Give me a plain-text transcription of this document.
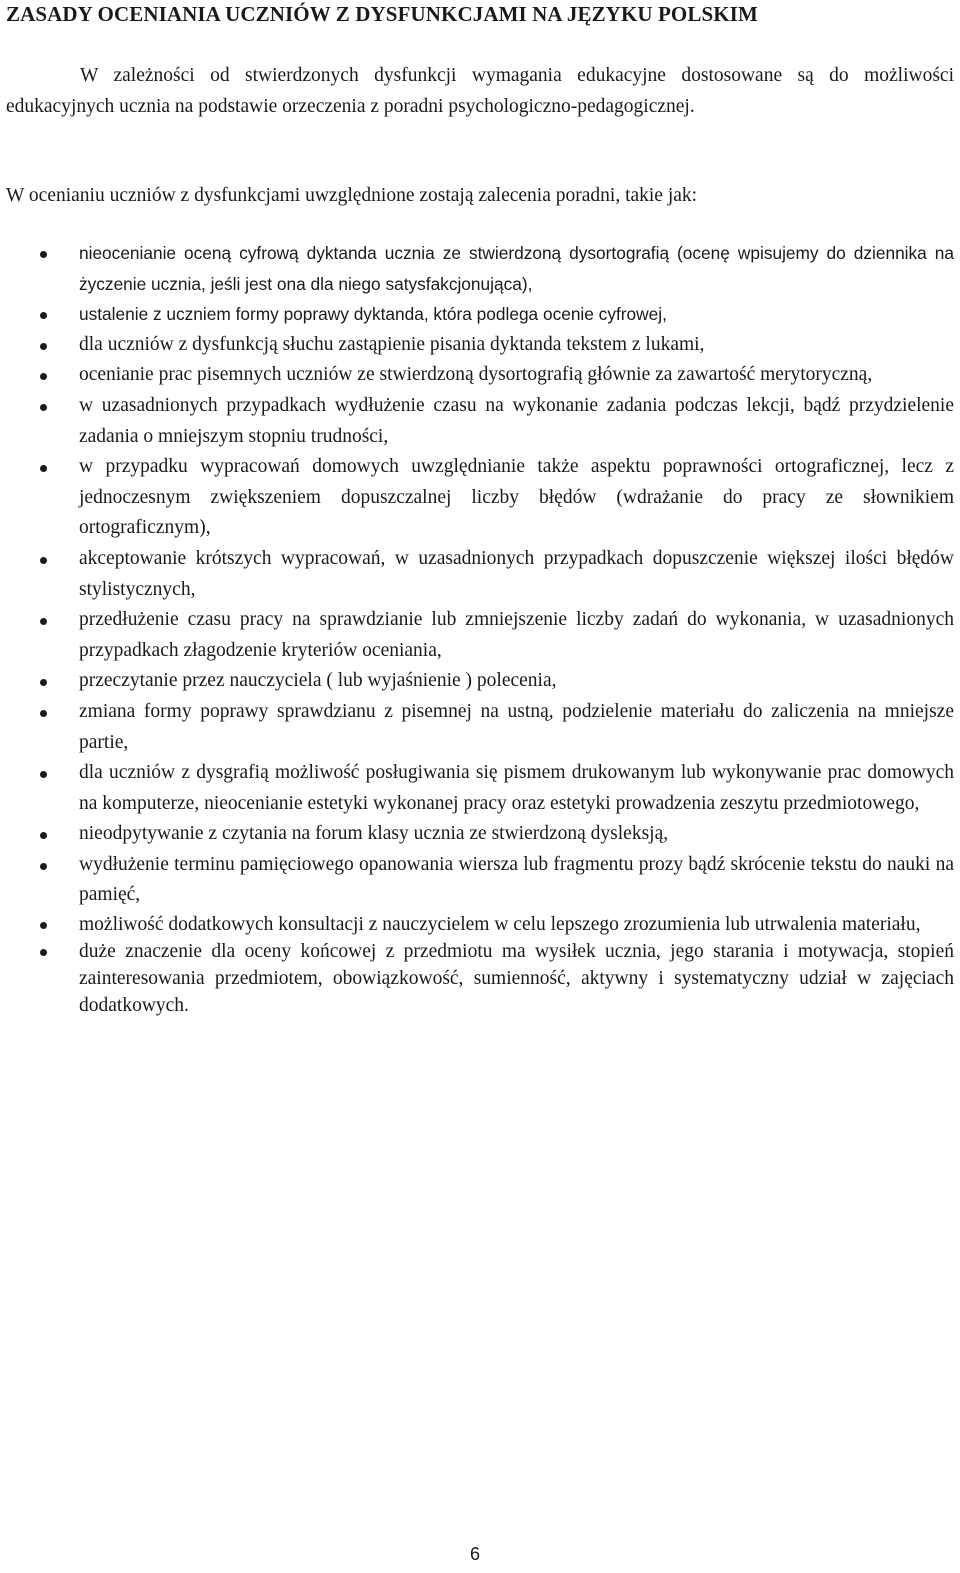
ZASADY OCENIANIA UCZNIÓW Z DYSFUNKCJAMI NA JĘZYKU POLSKIM

W zależności od stwierdzonych dysfunkcji wymagania edukacyjne dostosowane są do możliwości edukacyjnych ucznia na podstawie orzeczenia z poradni psychologiczno-pedagogicznej.

W ocenianiu uczniów z dysfunkcjami uwzględnione zostają zalecenia poradni, takie jak:

nieocenianie oceną cyfrową dyktanda ucznia ze stwierdzoną dysortografią (ocenę wpisujemy do dziennika na życzenie ucznia, jeśli jest ona dla niego satysfakcjonująca),
ustalenie z uczniem formy poprawy dyktanda, która podlega ocenie cyfrowej,
dla uczniów z dysfunkcją słuchu zastąpienie pisania dyktanda tekstem z lukami,
ocenianie prac pisemnych uczniów ze stwierdzoną dysortografią głównie za zawartość merytoryczną,
w uzasadnionych przypadkach wydłużenie czasu na wykonanie zadania podczas lekcji, bądź przydzielenie zadania o mniejszym stopniu trudności,
w przypadku wypracowań domowych uwzględnianie także aspektu poprawności ortograficznej, lecz z jednoczesnym zwiększeniem dopuszczalnej liczby błędów (wdrażanie do pracy ze słownikiem ortograficznym),
akceptowanie krótszych wypracowań, w uzasadnionych przypadkach dopuszczenie większej ilości błędów stylistycznych,
przedłużenie czasu pracy na sprawdzianie lub zmniejszenie liczby zadań do wykonania, w uzasadnionych przypadkach złagodzenie kryteriów oceniania,
przeczytanie przez nauczyciela ( lub wyjaśnienie ) polecenia,
zmiana formy poprawy sprawdzianu z pisemnej na ustną, podzielenie materiału do zaliczenia na mniejsze partie,
dla uczniów z dysgrafią możliwość posługiwania się pismem drukowanym lub wykonywanie prac domowych na komputerze, nieocenianie estetyki wykonanej pracy oraz estetyki prowadzenia zeszytu przedmiotowego,
nieodpytywanie z czytania na forum klasy ucznia ze stwierdzoną dysleksją,
wydłużenie terminu pamięciowego opanowania wiersza lub fragmentu prozy bądź skrócenie tekstu do nauki na pamięć,
możliwość dodatkowych konsultacji z nauczycielem w celu lepszego zrozumienia lub utrwalenia materiału,
duże znaczenie dla oceny końcowej z przedmiotu ma wysiłek ucznia, jego starania i motywacja, stopień zainteresowania przedmiotem, obowiązkowość, sumienność, aktywny i systematyczny udział w zajęciach dodatkowych.
6
